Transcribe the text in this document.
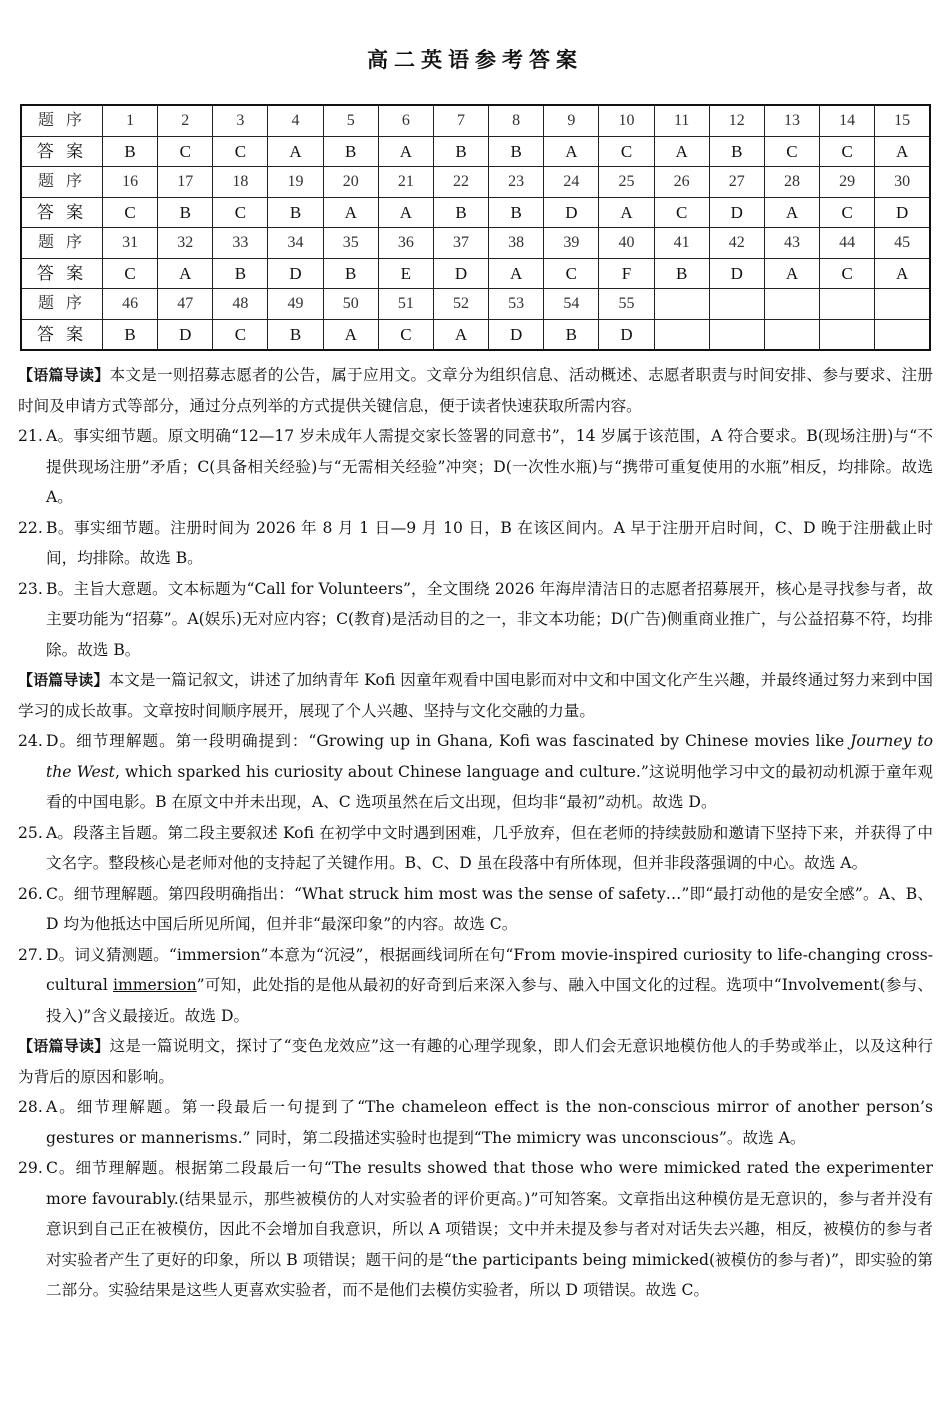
高二英语参考答案
题 序	1	2	3	4	5	6	7	8	9	10	11	12	13	14	15
答 案	B	C	C	A	B	A	B	B	A	C	A	B	C	C	A
题 序	16	17	18	19	20	21	22	23	24	25	26	27	28	29	30
答 案	C	B	C	B	A	A	B	B	D	A	C	D	A	C	D
题 序	31	32	33	34	35	36	37	38	39	40	41	42	43	44	45
答 案	C	A	B	D	B	E	D	A	C	F	B	D	A	C	A
题 序	46	47	48	49	50	51	52	53	54	55					
答 案	B	D	C	B	A	C	A	D	B	D					

【语篇导读】本文是一则招募志愿者的公告，属于应用文。文章分为组织信息、活动概述、志愿者职责与时间安排、参与要求、注册时间及申请方式等部分，通过分点列举的方式提供关键信息，便于读者快速获取所需内容。

21. A。事实细节题。原文明确“12—17 岁未成年人需提交家长签署的同意书”，14 岁属于该范围，A 符合要求。B(现场注册)与“不提供现场注册”矛盾；C(具备相关经验)与“无需相关经验”冲突；D(一次性水瓶)与“携带可重复使用的水瓶”相反，均排除。故选 A。
22. B。事实细节题。注册时间为 2026 年 8 月 1 日—9 月 10 日，B 在该区间内。A 早于注册开启时间，C、D 晚于注册截止时间，均排除。故选 B。
23. B。主旨大意题。文本标题为“Call for Volunteers”，全文围绕 2026 年海岸清洁日的志愿者招募展开，核心是寻找参与者，故主要功能为“招募”。A(娱乐)无对应内容；C(教育)是活动目的之一，非文本功能；D(广告)侧重商业推广，与公益招募不符，均排除。故选 B。

【语篇导读】本文是一篇记叙文，讲述了加纳青年 Kofi 因童年观看中国电影而对中文和中国文化产生兴趣，并最终通过努力来到中国学习的成长故事。文章按时间顺序展开，展现了个人兴趣、坚持与文化交融的力量。

24. D。细节理解题。第一段明确提到：“Growing up in Ghana, Kofi was fascinated by Chinese movies like Journey to the West, which sparked his curiosity about Chinese language and culture.”这说明他学习中文的最初动机源于童年观看的中国电影。B 在原文中并未出现，A、C 选项虽然在后文出现，但均非“最初”动机。故选 D。
25. A。段落主旨题。第二段主要叙述 Kofi 在初学中文时遇到困难，几乎放弃，但在老师的持续鼓励和邀请下坚持下来，并获得了中文名字。整段核心是老师对他的支持起了关键作用。B、C、D 虽在段落中有所体现，但并非段落强调的中心。故选 A。
26. C。细节理解题。第四段明确指出：“What struck him most was the sense of safety…”即“最打动他的是安全感”。A、B、D 均为他抵达中国后所见所闻，但并非“最深印象”的内容。故选 C。
27. D。词义猜测题。“immersion”本意为“沉浸”，根据画线词所在句“From movie-inspired curiosity to life-changing cross-cultural immersion”可知，此处指的是他从最初的好奇到后来深入参与、融入中国文化的过程。选项中“Involvement(参与、投入)”含义最接近。故选 D。

【语篇导读】这是一篇说明文，探讨了“变色龙效应”这一有趣的心理学现象，即人们会无意识地模仿他人的手势或举止，以及这种行为背后的原因和影响。

28. A。细节理解题。第一段最后一句提到了“The chameleon effect is the non-conscious mirror of another person’s gestures or mannerisms.” 同时，第二段描述实验时也提到“The mimicry was unconscious”。故选 A。
29. C。细节理解题。根据第二段最后一句“The results showed that those who were mimicked rated the experimenter more favourably.(结果显示，那些被模仿的人对实验者的评价更高。)”可知答案。文章指出这种模仿是无意识的，参与者并没有意识到自己正在被模仿，因此不会增加自我意识，所以 A 项错误；文中并未提及参与者对对话失去兴趣，相反，被模仿的参与者对实验者产生了更好的印象，所以 B 项错误；题干问的是“the participants being mimicked(被模仿的参与者)”，即实验的第二部分。实验结果是这些人更喜欢实验者，而不是他们去模仿实验者，所以 D 项错误。故选 C。
